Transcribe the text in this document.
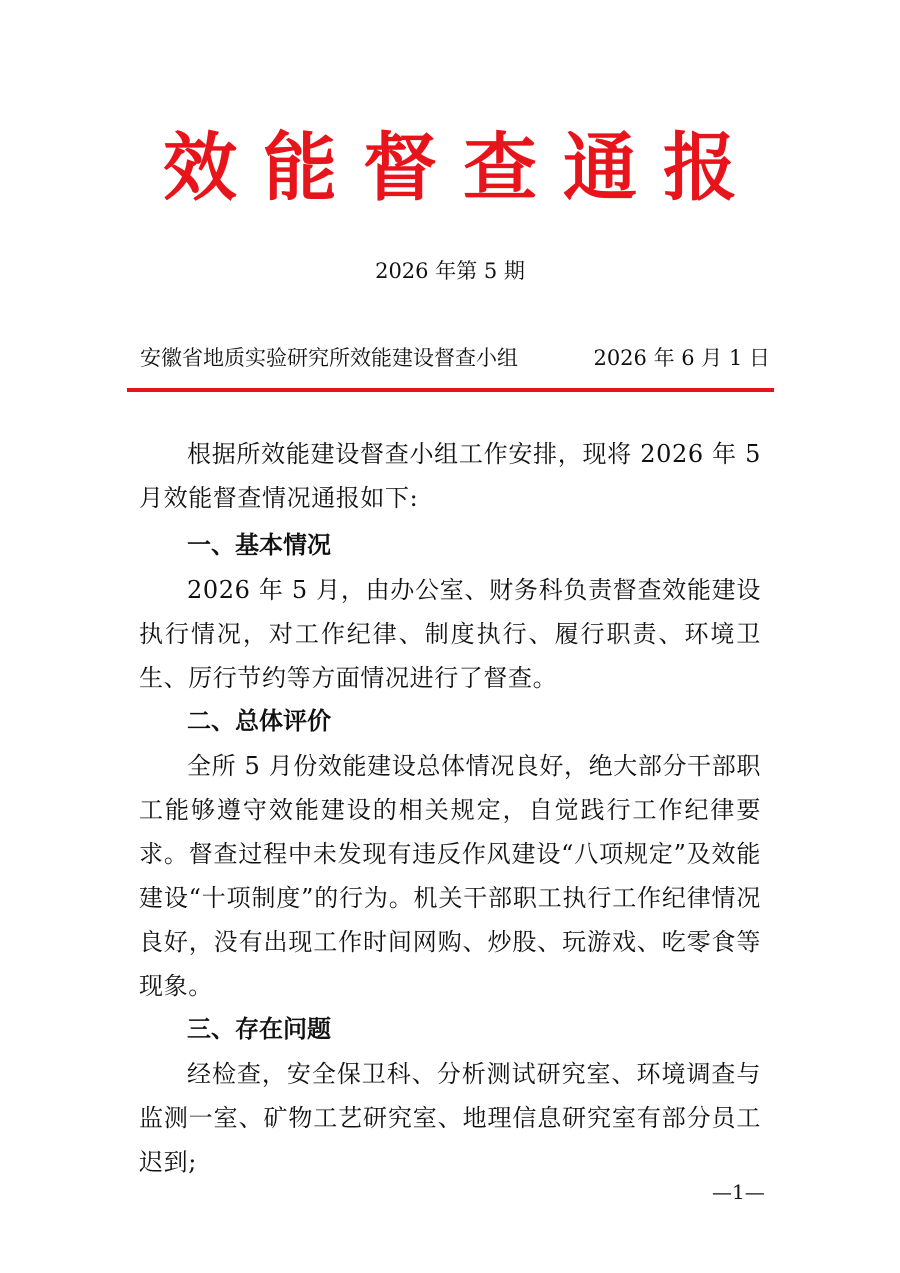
效能督查通报
2026 年第 5 期
安徽省地质实验研究所效能建设督查小组	2026 年 6 月 1 日

根据所效能建设督查小组工作安排，现将 2026 年 5 月效能督查情况通报如下:

一、基本情况

2026 年 5 月，由办公室、财务科负责督查效能建设执行情况，对工作纪律、制度执行、履行职责、环境卫生、厉行节约等方面情况进行了督查。

二、总体评价

全所 5 月份效能建设总体情况良好，绝大部分干部职工能够遵守效能建设的相关规定，自觉践行工作纪律要求。督查过程中未发现有违反作风建设“八项规定”及效能建设“十项制度”的行为。机关干部职工执行工作纪律情况良好，没有出现工作时间网购、炒股、玩游戏、吃零食等现象。

三、存在问题

经检查，安全保卫科、分析测试研究室、环境调查与监测一室、矿物工艺研究室、地理信息研究室有部分员工迟到;

—1—
